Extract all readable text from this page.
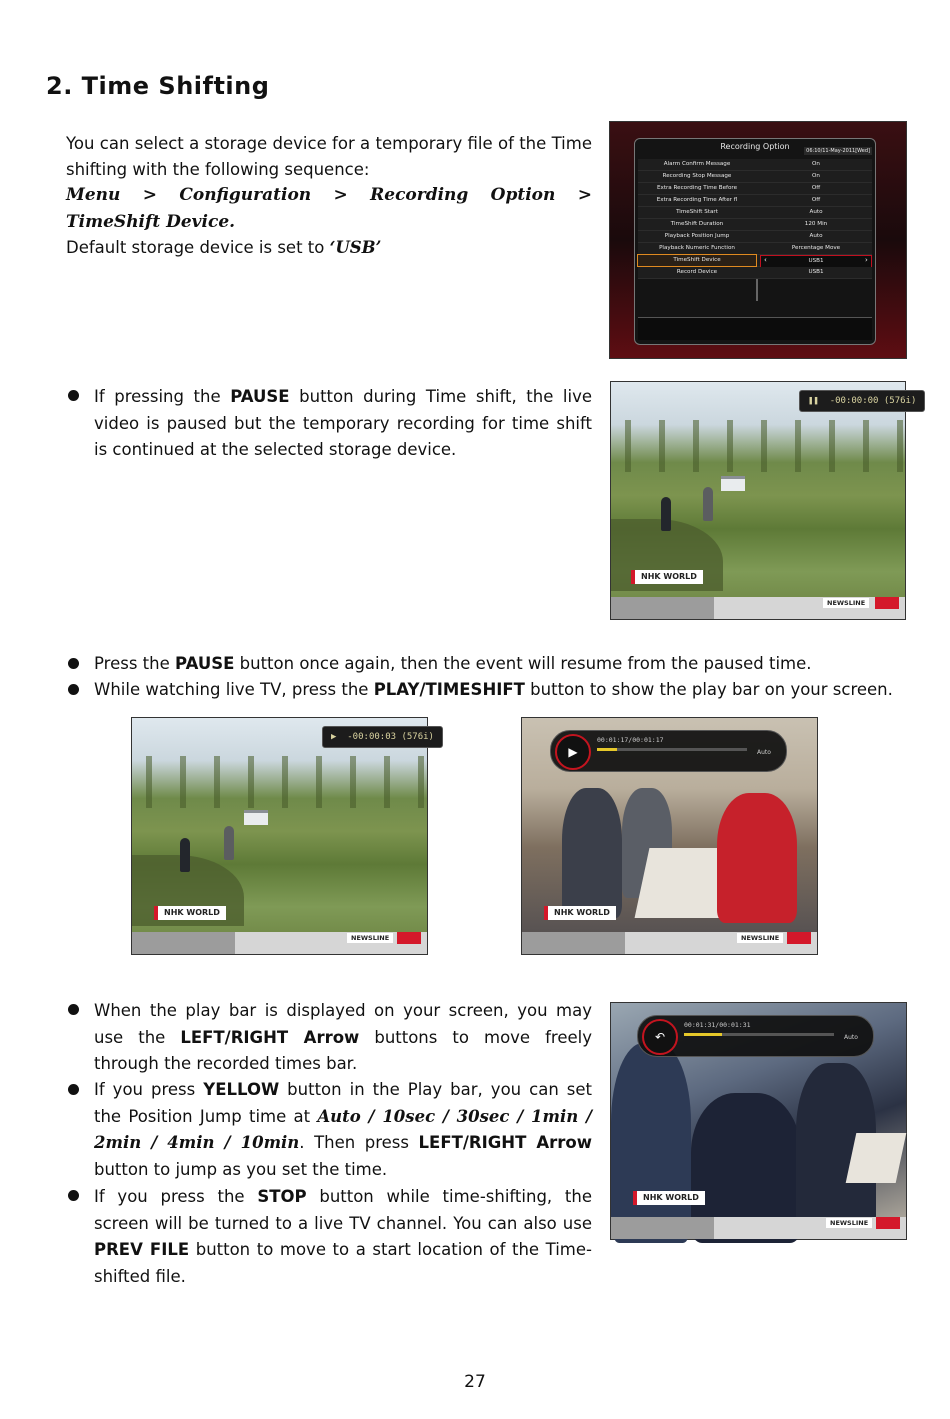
2. Time Shifting
You can select a storage device for a temporary file of the Time shifting with the following sequence:
Menu > Configuration > Recording Option > TimeShift Device.
Default storage device is set to ‘USB’
Recording Option	06:10/11-May-2011[Wed]
Alarm Confirm Message	On
Recording Stop Message	On
Extra Recording Time Before	Off
Extra Recording Time After fl	Off
TimeShift Start	Auto
TimeShift Duration	120 Min
Playback Position Jump	Auto
Playback Numeric Function	Percentage Move
TimeShift Device	USB1
‹	›
Record Device	USB1
If pressing the PAUSE button during Time shift, the live video is paused but the temporary recording for time shift is continued at the selected storage device.
❚❚  -00:00:00 (576i)
NHK WORLD
NEWSLINE
Press the PAUSE button once again, then the event will resume from the paused time.
While watching live TV, press the PLAY/TIMESHIFT button to show the play bar on your screen.
▶  -00:00:03 (576i)
NHK WORLD
NEWSLINE
▶
00:01:17/00:01:17
Auto
NHK WORLD
NEWSLINE
When the play bar is displayed on your screen, you may use the LEFT/RIGHT Arrow buttons to move freely through the recorded times bar.
If you press YELLOW button in the Play bar, you can set the Position Jump time at Auto / 10sec / 30sec / 1min / 2min / 4min / 10min. Then press LEFT/RIGHT Arrow button to jump as you set the time.
If you press the STOP button while time-shifting, the screen will be turned to a live TV channel. You can also use PREV FILE button to move to a start location of the Time-shifted file.
↶
00:01:31/00:01:31
Auto
NHK WORLD
NEWSLINE
27
